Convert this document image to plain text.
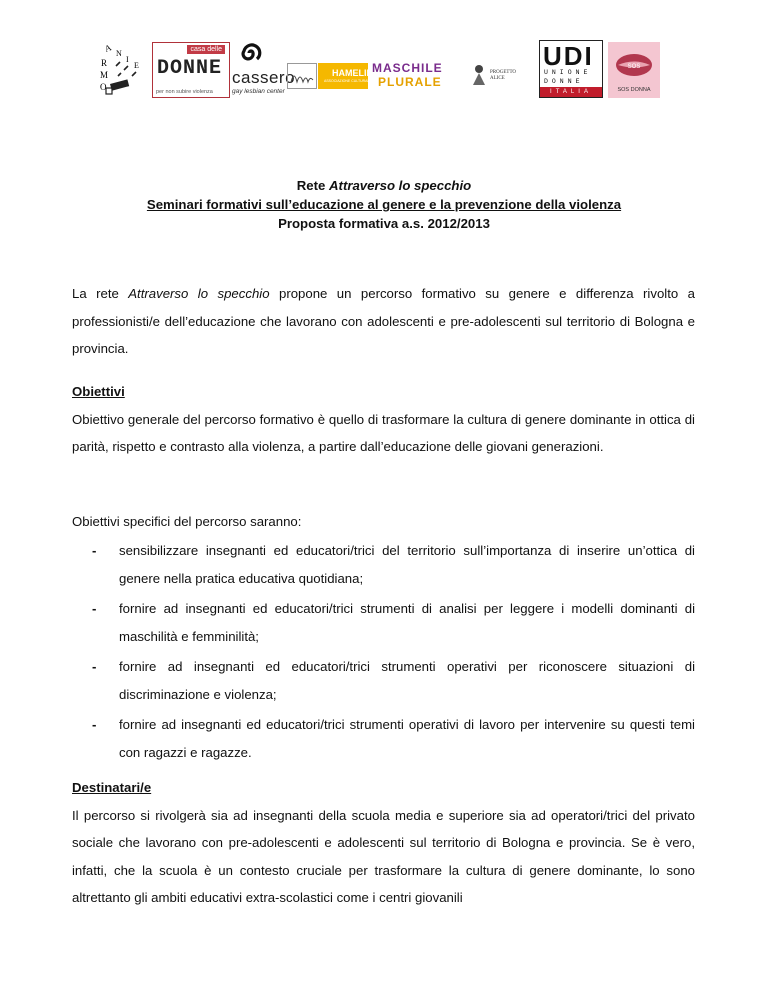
A
R
M
O
N
I
E
casa delle
DONNE
per non subire violenza
cassero
gay lesbian center
HAMELIN
ASSOCIAZIONE CULTURALE
MASCHILE
PLURALE
PROGETTO
ALICE
UDI
UNIONE
DONNE
ITALIA
SOS
SOS DONNA
Rete Attraverso lo specchio
Seminari formativi sull’educazione al genere e la prevenzione della violenza
Proposta formativa a.s. 2012/2013

La rete Attraverso lo specchio propone un percorso formativo su genere e differenza rivolto a professionisti/e dell’educazione che lavorano con adolescenti e pre-adolescenti sul territorio di Bologna e provincia.

Obiettivi

Obiettivo generale del percorso formativo è quello di trasformare la cultura di genere dominante in ottica di parità, rispetto e contrasto alla violenza, a partire dall’educazione delle giovani generazioni.

Obiettivi specifici del percorso saranno:

- sensibilizzare insegnanti ed educatori/trici del territorio sull’importanza di inserire un’ottica di genere nella pratica educativa quotidiana;
- fornire ad insegnanti ed educatori/trici strumenti di analisi per leggere i modelli dominanti di maschilità e femminilità;
- fornire ad insegnanti ed educatori/trici strumenti operativi per riconoscere situazioni di discriminazione e violenza;
- fornire ad insegnanti ed educatori/trici strumenti operativi di lavoro per intervenire su questi temi con ragazzi e ragazze.

Destinatari/e

Il percorso si rivolgerà sia ad insegnanti della scuola media e superiore sia ad operatori/trici del privato sociale che lavorano con pre-adolescenti e adolescenti sul territorio di Bologna e provincia. Se è vero, infatti, che la scuola è un contesto cruciale per trasformare la cultura di genere dominante, lo sono altrettanto gli ambiti educativi extra-scolastici come i centri giovanili
